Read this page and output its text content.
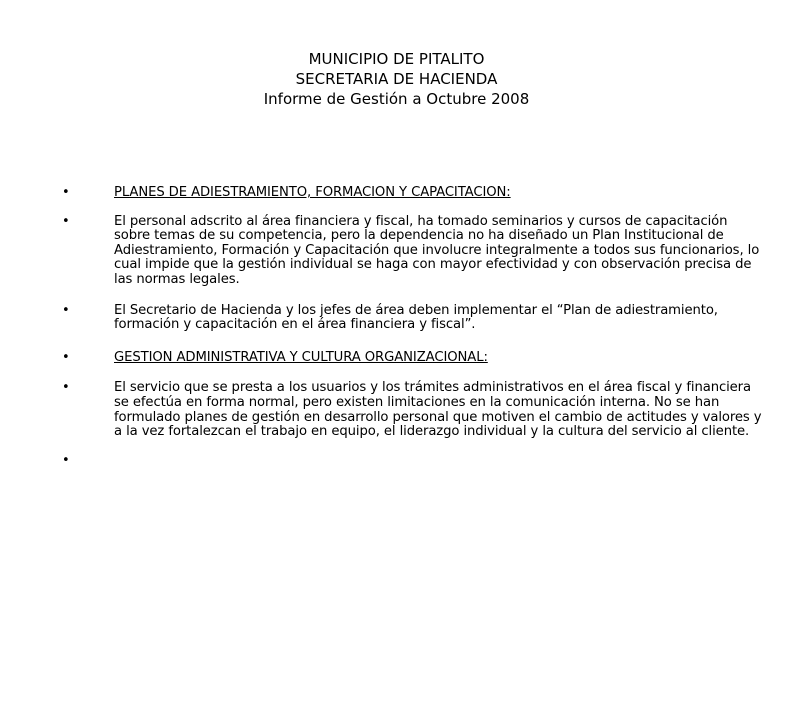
MUNICIPIO DE PITALITO
SECRETARIA DE HACIENDA
Informe de Gestión a Octubre 2008
•	PLANES DE ADIESTRAMIENTO, FORMACION Y CAPACITACION:
•	El personal adscrito al área financiera y fiscal, ha tomado seminarios y cursos de capacitación sobre temas de su competencia, pero la dependencia no ha diseñado un Plan Institucional de Adiestramiento, Formación y Capacitación que involucre integralmente a todos sus funcionarios, lo cual impide que la gestión individual se haga con mayor efectividad y con observación precisa de las normas legales.
•	El Secretario de Hacienda y los jefes de área deben implementar el “Plan de adiestramiento, formación y capacitación en el área financiera y fiscal”.
•	GESTION ADMINISTRATIVA Y CULTURA ORGANIZACIONAL:
•	El servicio que se presta a los usuarios y los trámites administrativos en el área fiscal y financiera se efectúa en forma normal, pero existen limitaciones en la comunicación interna. No se han formulado planes de gestión en desarrollo personal que motiven el cambio de actitudes y valores y a la vez fortalezcan el trabajo en equipo, el liderazgo individual y la cultura del servicio al cliente.
•
